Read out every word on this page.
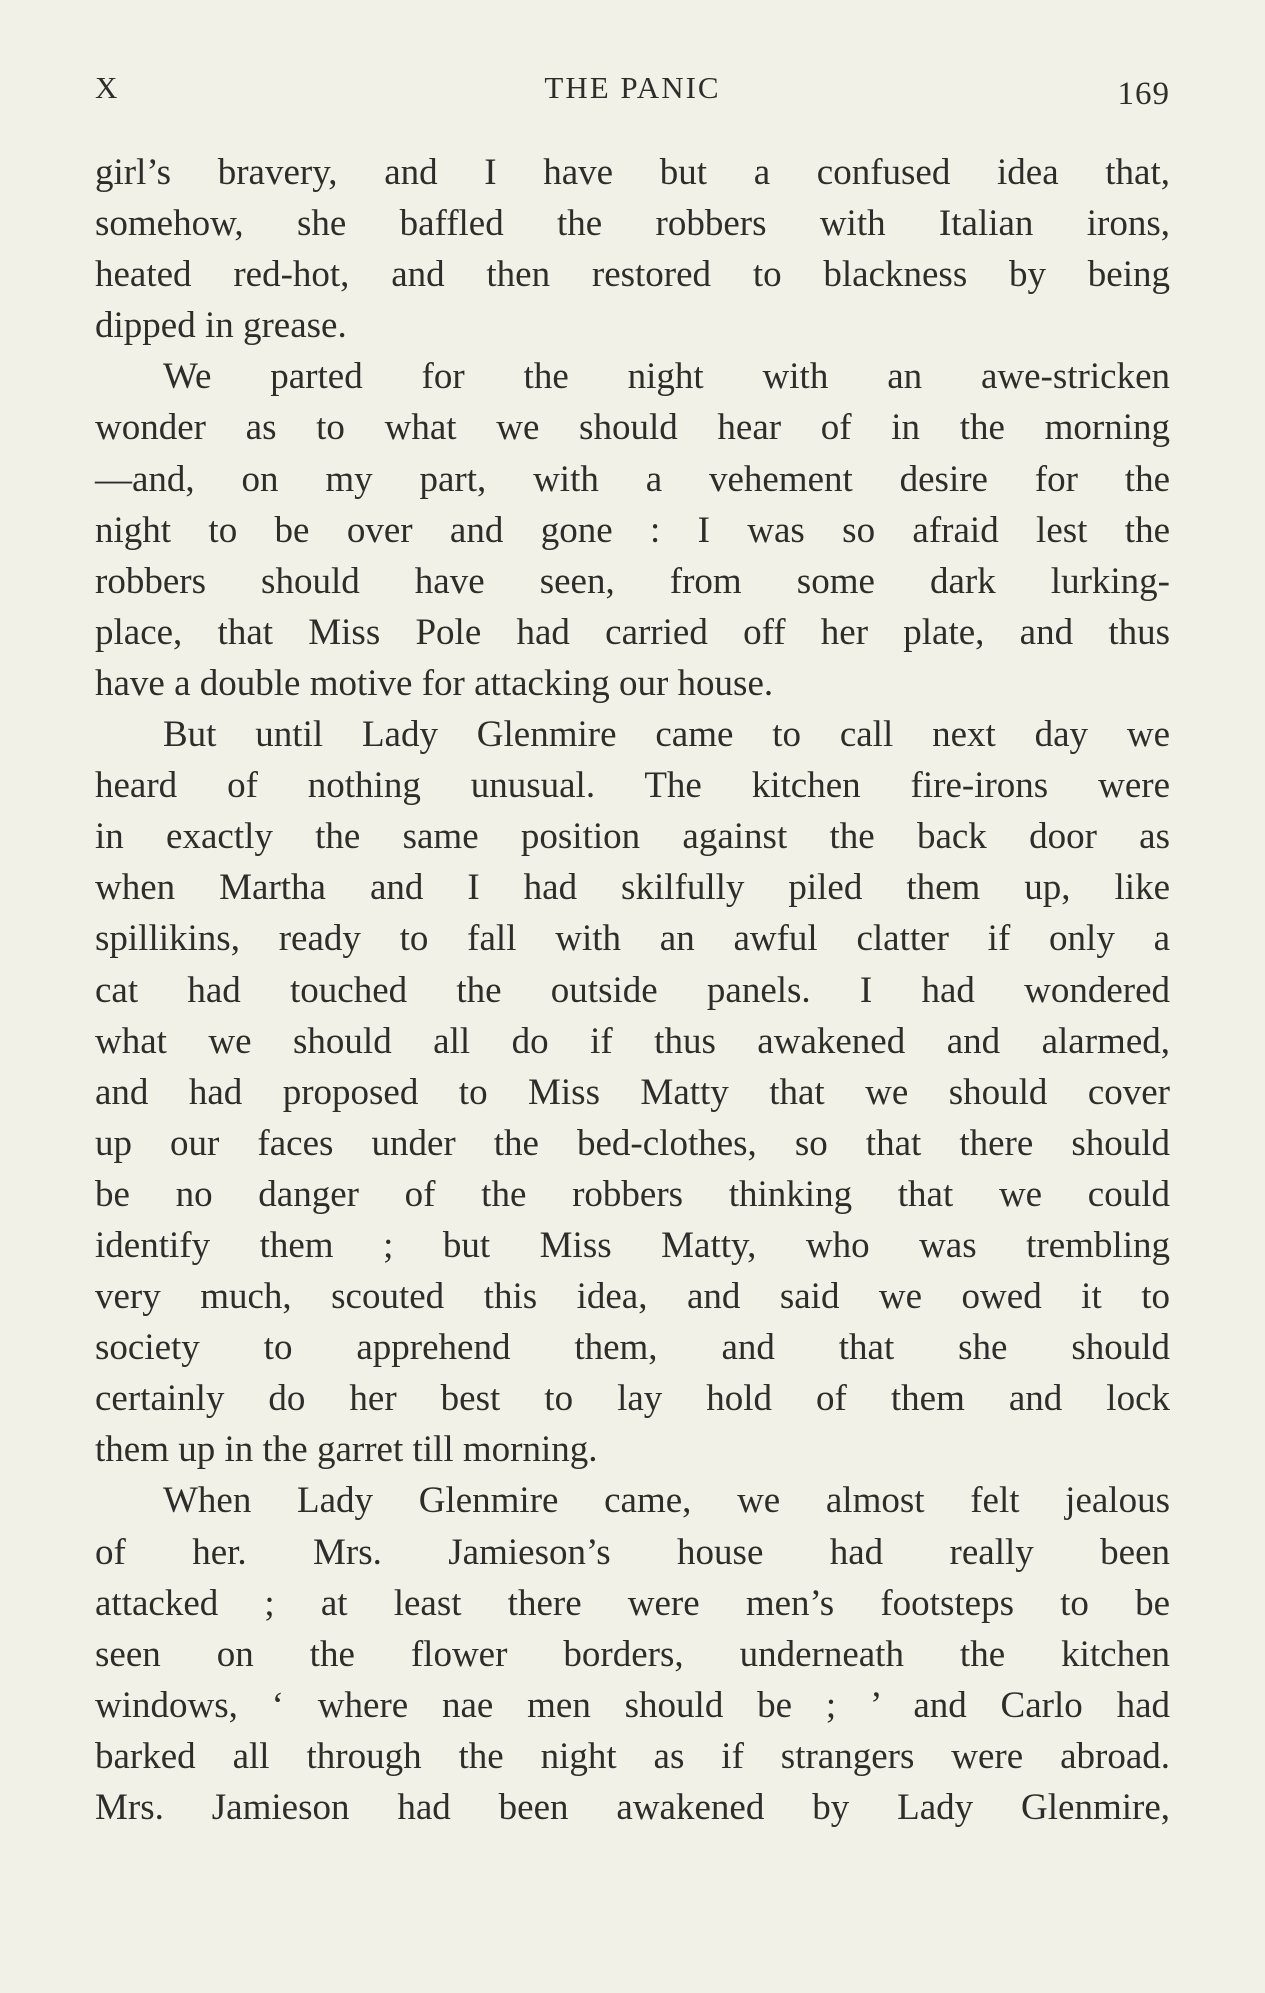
X	THE PANIC	169
girl’s bravery, and I have but a confused idea that,
somehow, she baffled the robbers with Italian irons,
heated red-hot, and then restored to blackness by being
dipped in grease.
We parted for the night with an awe-stricken
wonder as to what we should hear of in the morning
—and, on my part, with a vehement desire for the
night to be over and gone : I was so afraid lest the
robbers should have seen, from some dark lurking-
place, that Miss Pole had carried off her plate, and thus
have a double motive for attacking our house.
But until Lady Glenmire came to call next day we
heard of nothing unusual. The kitchen fire-irons were
in exactly the same position against the back door as
when Martha and I had skilfully piled them up, like
spillikins, ready to fall with an awful clatter if only a
cat had touched the outside panels. I had wondered
what we should all do if thus awakened and alarmed,
and had proposed to Miss Matty that we should cover
up our faces under the bed-clothes, so that there should
be no danger of the robbers thinking that we could
identify them ; but Miss Matty, who was trembling
very much, scouted this idea, and said we owed it to
society to apprehend them, and that she should
certainly do her best to lay hold of them and lock
them up in the garret till morning.
When Lady Glenmire came, we almost felt jealous
of her. Mrs. Jamieson’s house had really been
attacked ; at least there were men’s footsteps to be
seen on the flower borders, underneath the kitchen
windows, ‘ where nae men should be ; ’ and Carlo had
barked all through the night as if strangers were abroad.
Mrs. Jamieson had been awakened by Lady Glenmire,
